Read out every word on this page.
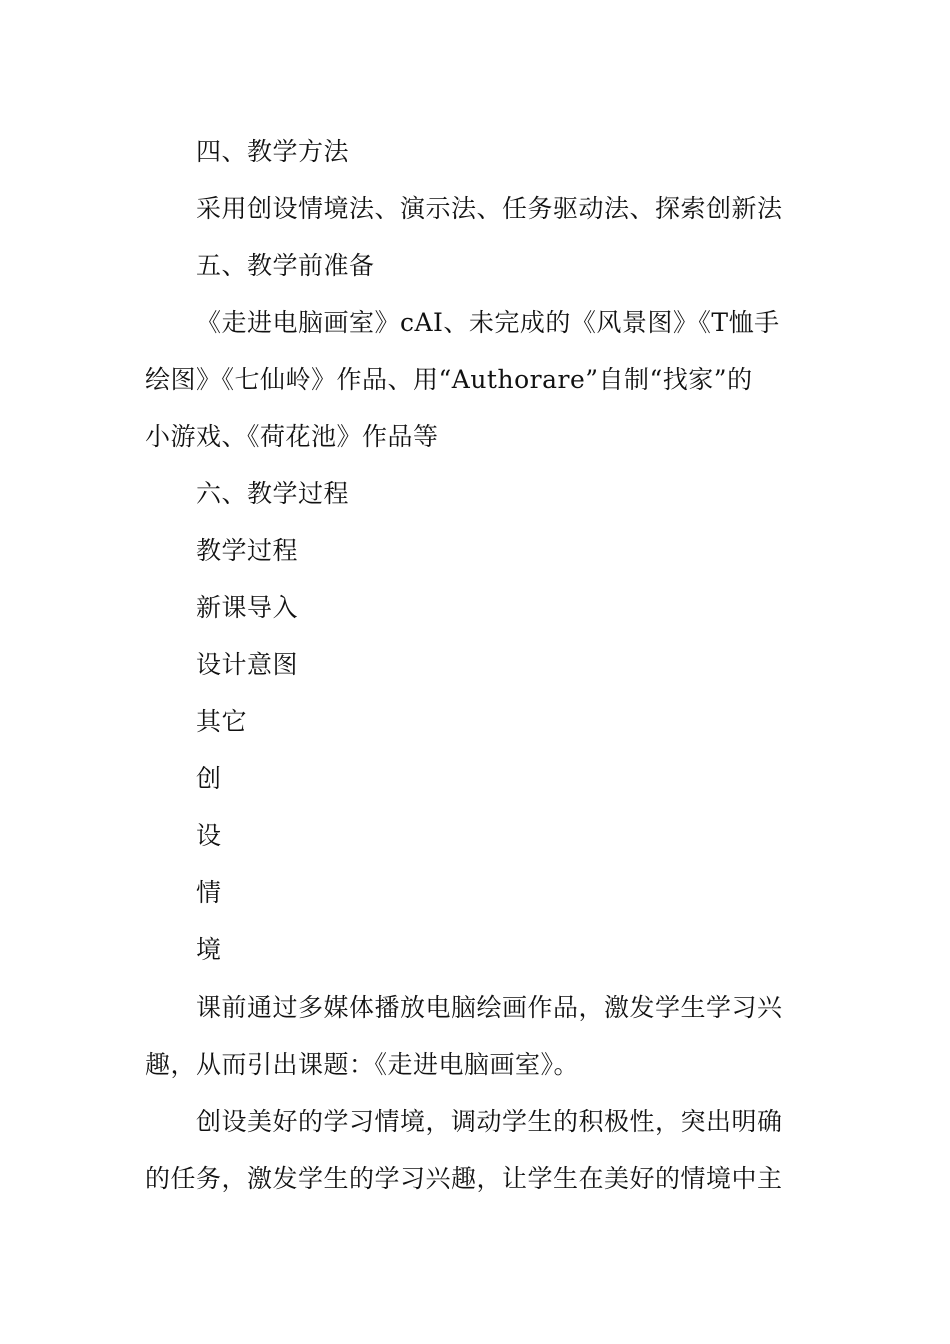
四、教学方法
采用创设情境法、演示法、任务驱动法、探索创新法
五、教学前准备
《走进电脑画室》cAI、未完成的《风景图》《T恤手
绘图》《七仙岭》作品、用“Authorare”自制“找家”的
小游戏、《荷花池》作品等
六、教学过程
教学过程
新课导入
设计意图
其它
创
设
情
境
课前通过多媒体播放电脑绘画作品，激发学生学习兴
趣，从而引出课题：《走进电脑画室》。
创设美好的学习情境，调动学生的积极性，突出明确
的任务，激发学生的学习兴趣，让学生在美好的情境中主
